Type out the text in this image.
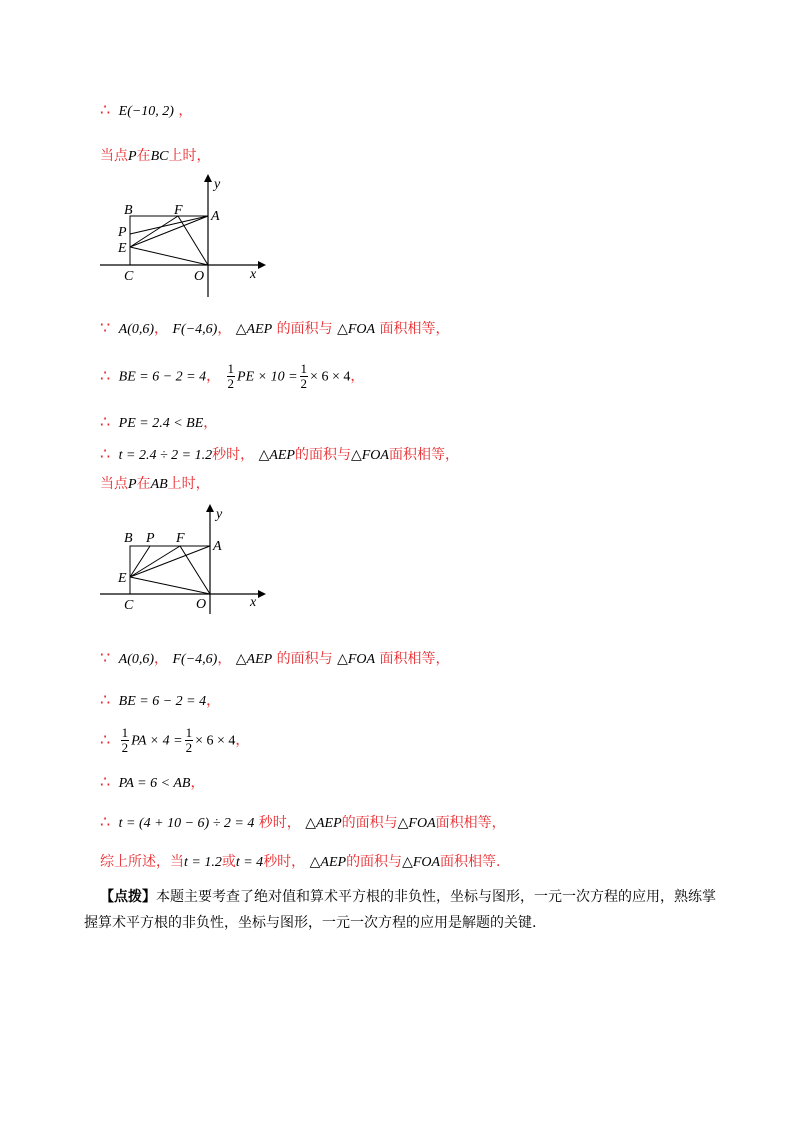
∴ E(−10, 2) ，
当点P在BC上时，
B	F A
P
E
C	O	x
y
∵ A(0,6)， F(−4,6)， △AEP 的面积与 △FOA 面积相等，
∴ BE = 6 − 2 = 4， $\frac{1}{2}$ PE × $10 = \frac{1}{2} \times 6 \times 4$，
∴ PE = 2.4 < BE，
∴ t = 2.4 ÷ 2 = 1.2秒时， △AEP的面积与△FOA面积相等，
当点P在AB上时，
B P F
A
E
C	O	x
y
∵ A(0,6)， F(−4,6)， △AEP 的面积与 △FOA 面积相等，
∴ BE = 6 − 2 = 4，
∴ $\frac{1}{2}$ PA × $4 = \frac{1}{2} \times 6 \times 4$，
∴ PA = 6 < AB，
∴ t = (4 + 10 − 6) ÷ 2 = 4 秒时， △AEP的面积与△FOA面积相等，
综上所述，当t = 1.2或t = 4秒时， △AEP的面积与△FOA面积相等.
【点拨】本题主要考查了绝对值和算术平方根的非负性，坐标与图形，一元一次方程的应用，熟练掌握算术平方根的非负性，坐标与图形，一元一次方程的应用是解题的关键.
